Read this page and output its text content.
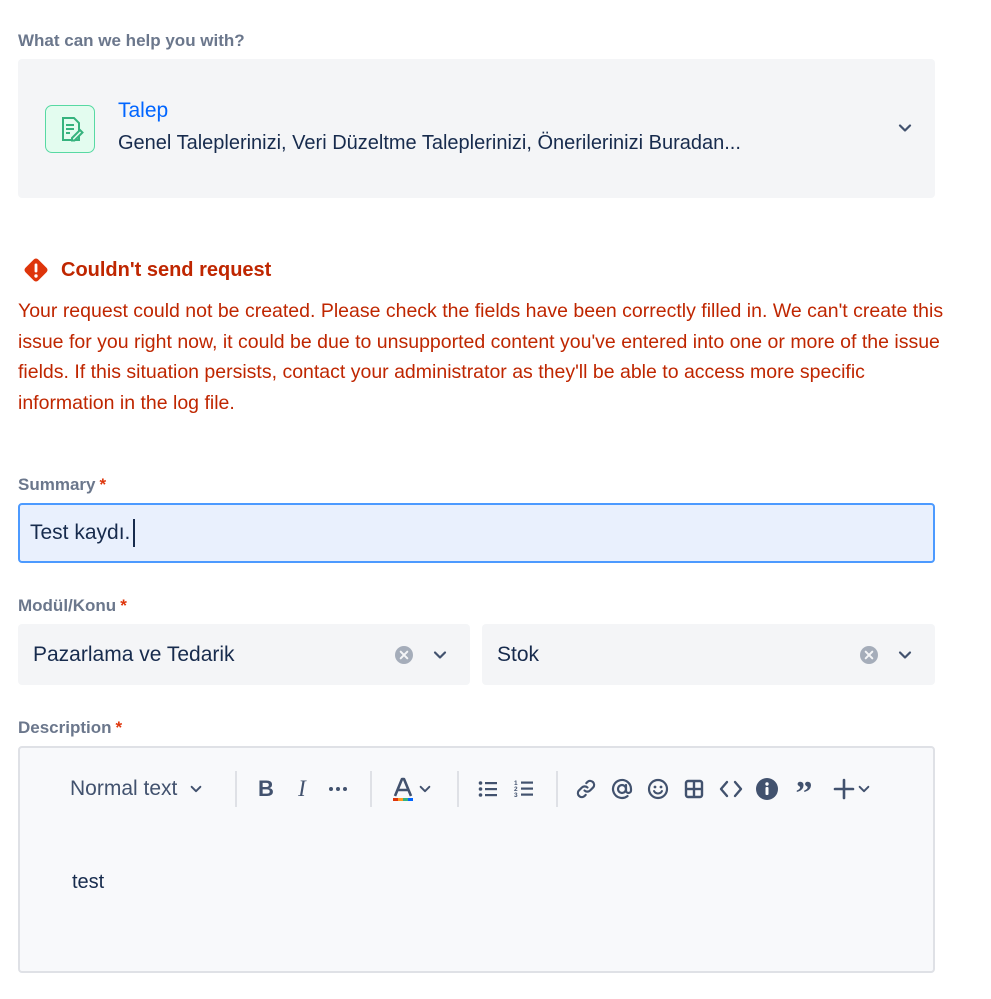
What can we help you with?
Talep
Genel Taleplerinizi, Veri Düzeltme Taleplerinizi, Önerilerinizi Buradan...
Couldn't send request
Your request could not be created. Please check the fields have been correctly filled in. We can't create this issue for you right now, it could be due to unsupported content you've entered into one or more of the issue fields. If this situation persists, contact your administrator as they'll be able to access more specific information in the log file.
Summary *
Test kaydı.
Modül/Konu *
Pazarlama ve Tedarik	Stok
Description *
Normal text	B I	1
2
3	”
test
